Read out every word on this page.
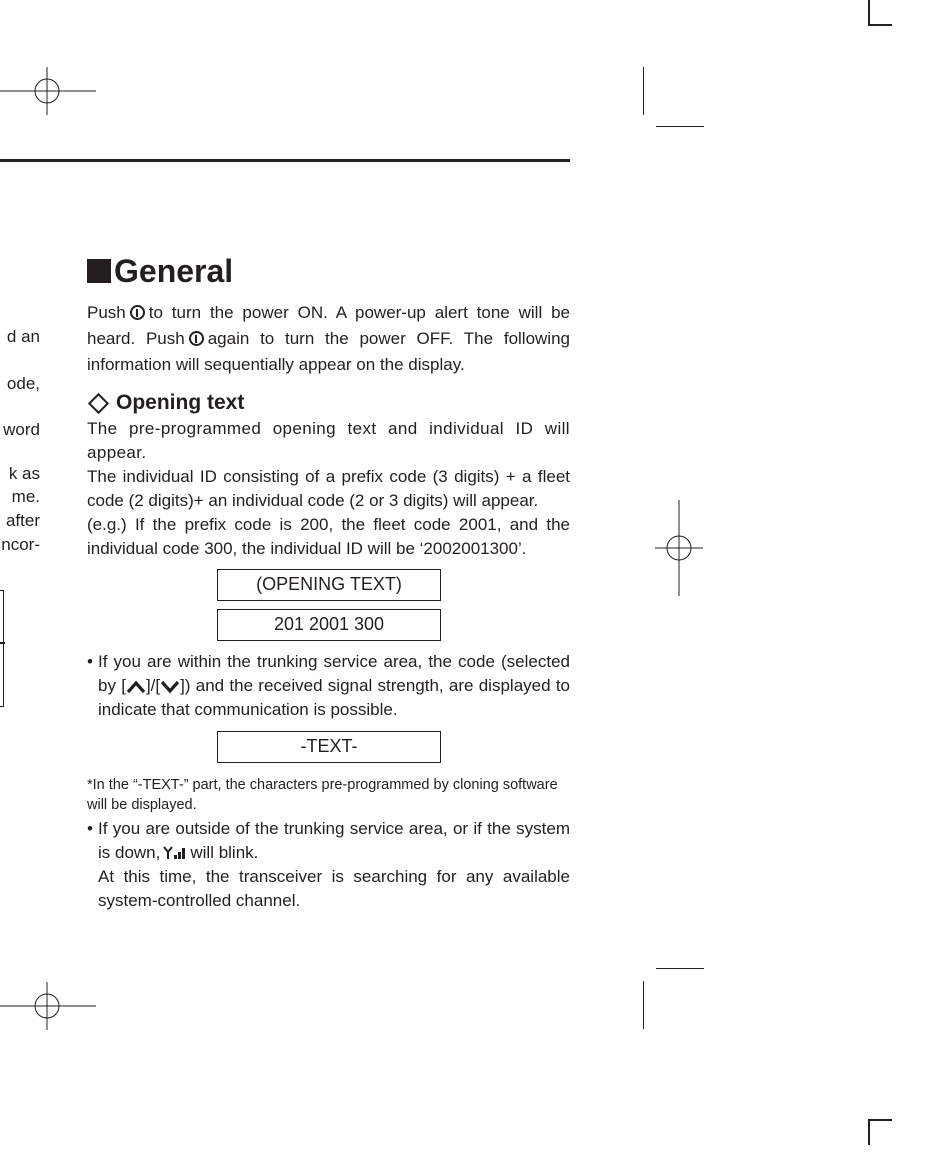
d an
ode,
word
k as
me.
after
ncor-
General
Push to turn the power ON. A power-up alert tone will be heard. Push again to turn the power OFF. The following information will sequentially appear on the display.
Opening text
The pre-programmed opening text and individual ID will appear.
The individual ID consisting of a prefix code (3 digits) + a fleet code (2 digits)+ an individual code (2 or 3 digits) will appear.
(e.g.) If the prefix code is 200, the fleet code 2001, and the individual code 300, the individual ID will be ‘2002001300’.
(OPENING TEXT)
201 2001 300
• If you are within the trunking service area, the code (selected by [ ]/[ ]) and the received signal strength, are displayed to indicate that communication is possible.
-TEXT-
*In the “-TEXT-” part, the characters pre-programmed by cloning software will be displayed.
• If you are outside of the trunking service area, or if the system is down, will blink.
At this time, the transceiver is searching for any available system-controlled channel.
